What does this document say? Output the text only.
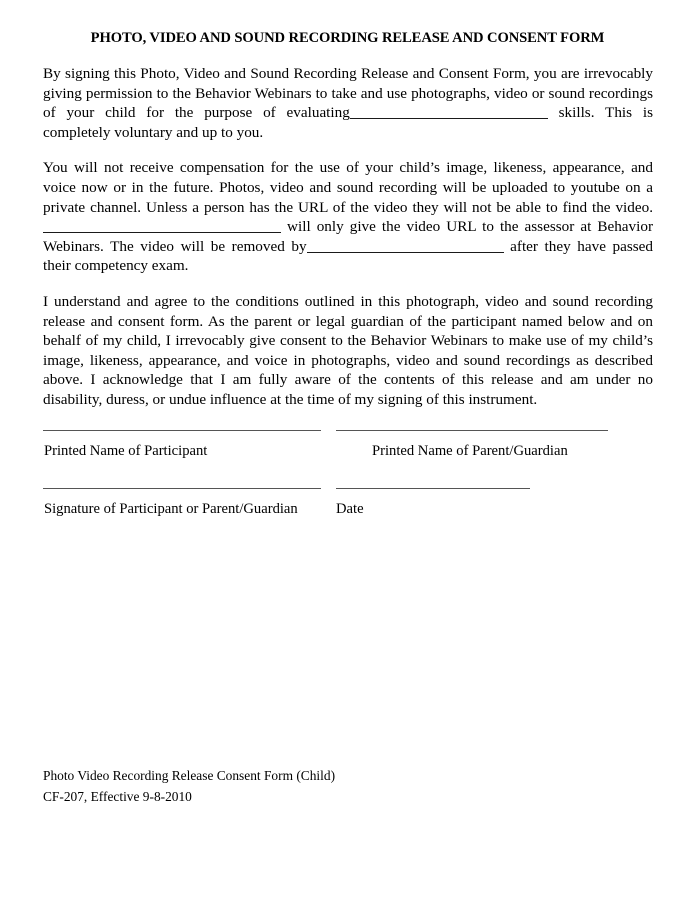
PHOTO, VIDEO AND SOUND RECORDING RELEASE AND CONSENT FORM

By signing this Photo, Video and Sound Recording Release and Consent Form, you are irrevocably giving permission to the Behavior Webinars to take and use photographs, video or sound recordings of your child for the purpose of evaluating	skills. This is completely voluntary and up to you.

You will not receive compensation for the use of your child’s image, likeness, appearance, and voice now or in the future. Photos, video and sound recording will be uploaded to youtube on a private channel. Unless a person has the URL of the video they will not be able to find the video.  will only give the video URL to the assessor at Behavior Webinars. The video will be removed by	after they have passed their competency exam.

I understand and agree to the conditions outlined in this photograph, video and sound recording release and consent form. As the parent or legal guardian of the participant named below and on behalf of my child, I irrevocably give consent to the Behavior Webinars to make use of my child’s image, likeness, appearance, and voice in photographs, video and sound recordings as described above. I acknowledge that I am fully aware of the contents of this release and am under no disability, duress, or undue influence at the time of my signing of this instrument.

Printed Name of Participant	Printed Name of Parent/Guardian
Signature of Participant or Parent/Guardian	Date
Photo Video Recording Release Consent Form (Child)
CF-207, Effective 9-8-2010
